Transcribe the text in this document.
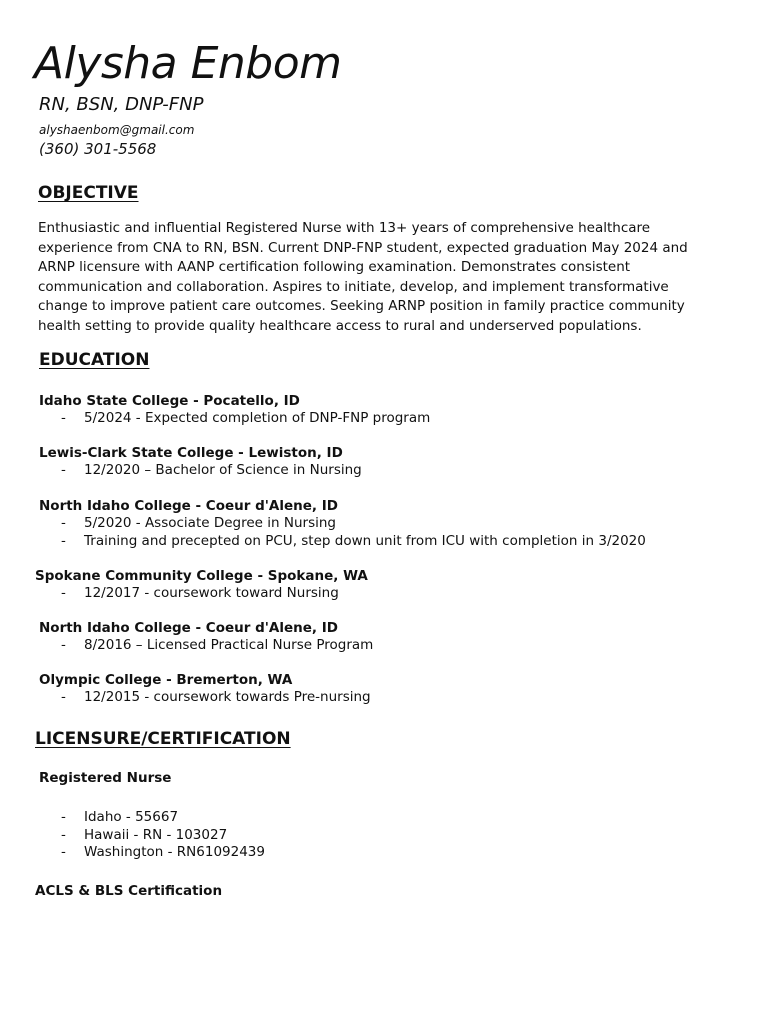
Alysha Enbom
RN, BSN, DNP-FNP
alyshaenbom@gmail.com
(360) 301-5568
OBJECTIVE
Enthusiastic and influential Registered Nurse with 13+ years of comprehensive healthcare experience from CNA to RN, BSN. Current DNP-FNP student, expected graduation May 2024 and ARNP licensure with AANP certification following examination. Demonstrates consistent communication and collaboration. Aspires to initiate, develop, and implement transformative change to improve patient care outcomes. Seeking ARNP position in family practice community health setting to provide quality healthcare access to rural and underserved populations.
EDUCATION
Idaho State College - Pocatello, ID
- 5/2024 - Expected completion of DNP-FNP program
Lewis-Clark State College - Lewiston, ID
- 12/2020 – Bachelor of Science in Nursing
North Idaho College - Coeur d'Alene, ID
- 5/2020 - Associate Degree in Nursing
- Training and precepted on PCU, step down unit from ICU with completion in 3/2020
Spokane Community College - Spokane, WA
- 12/2017 - coursework toward Nursing
North Idaho College - Coeur d'Alene, ID
- 8/2016 – Licensed Practical Nurse Program
Olympic College - Bremerton, WA
- 12/2015 - coursework towards Pre-nursing
LICENSURE/CERTIFICATION
Registered Nurse
- Idaho - 55667
- Hawaii - RN - 103027
- Washington - RN61092439
ACLS & BLS Certification
